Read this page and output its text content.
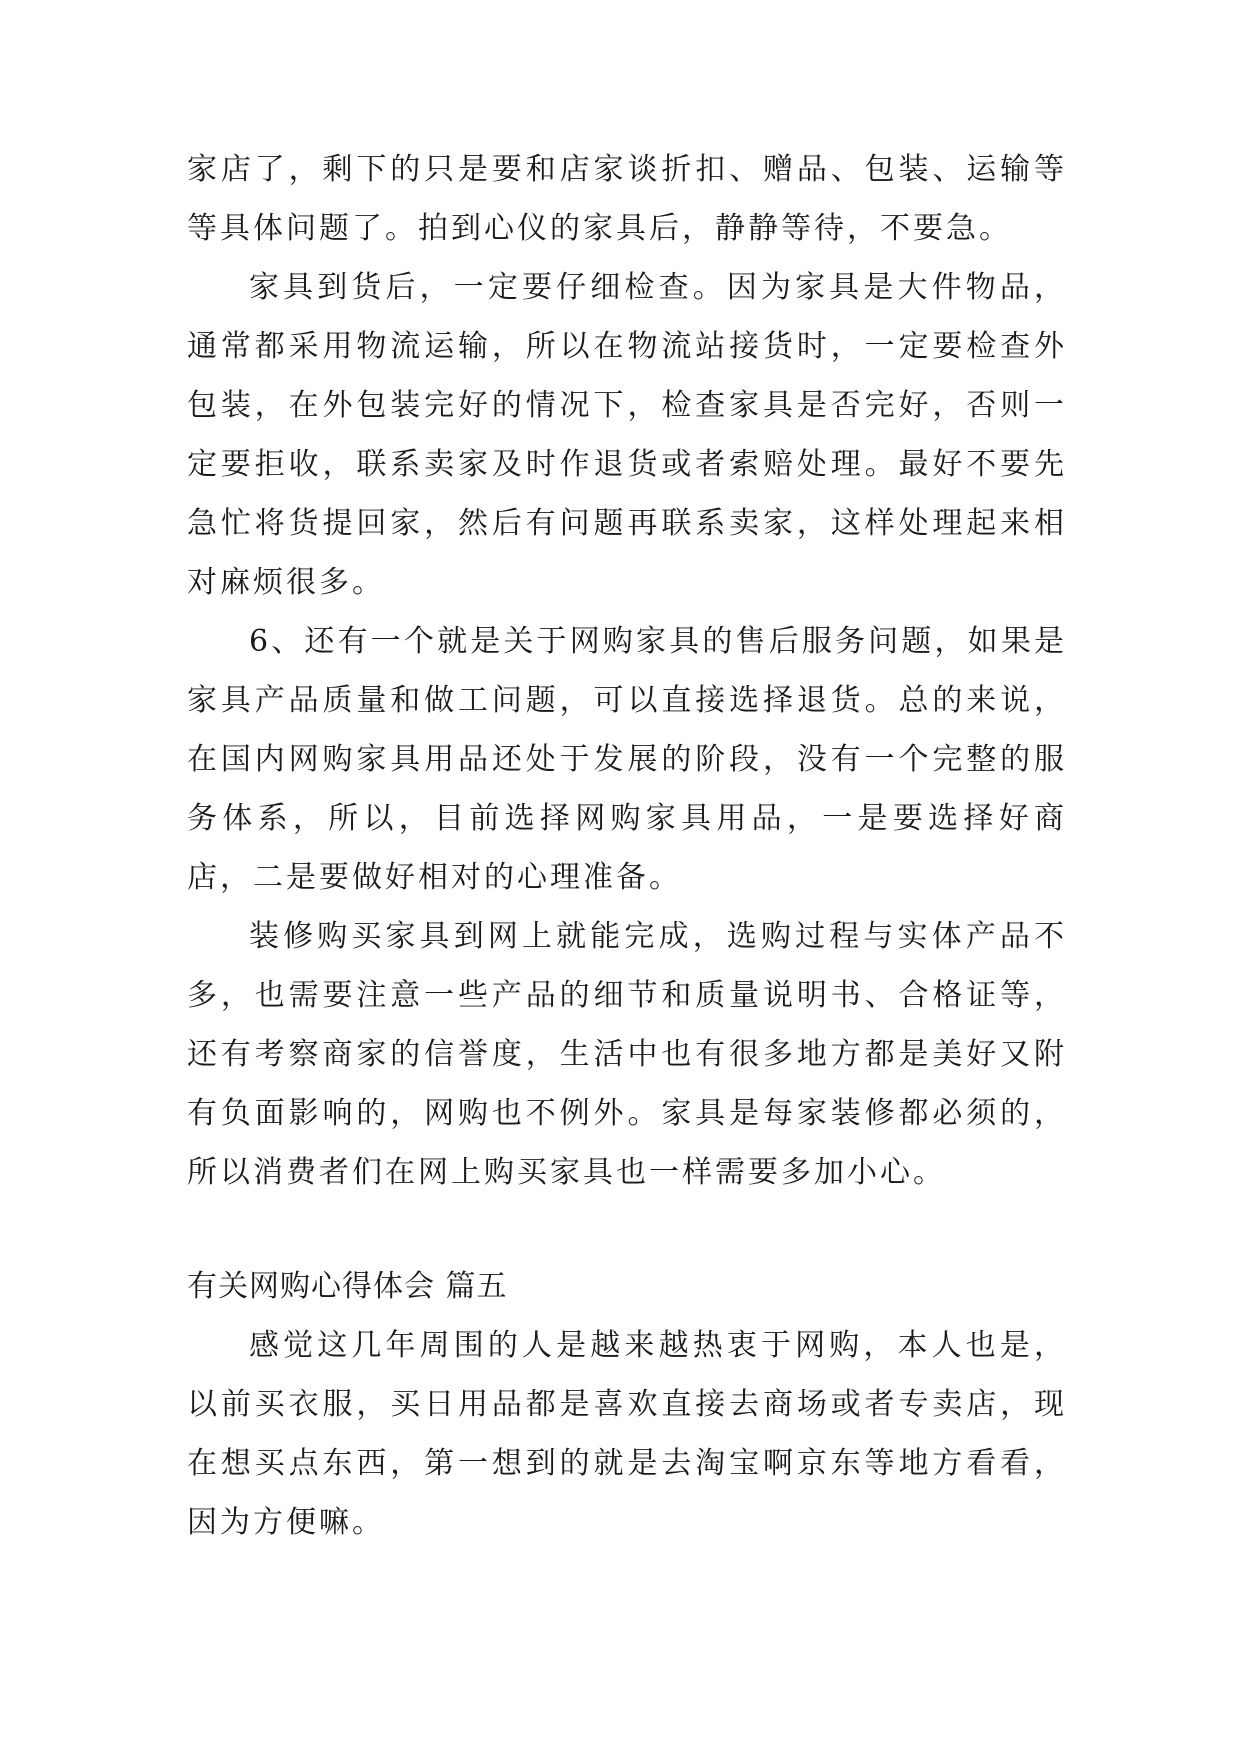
家店了，剩下的只是要和店家谈折扣、赠品、包装、运输等等具体问题了。拍到心仪的家具后，静静等待，不要急。

家具到货后，一定要仔细检查。因为家具是大件物品，通常都采用物流运输，所以在物流站接货时，一定要检查外包装，在外包装完好的情况下，检查家具是否完好，否则一定要拒收，联系卖家及时作退货或者索赔处理。最好不要先急忙将货提回家，然后有问题再联系卖家，这样处理起来相对麻烦很多。

6、还有一个就是关于网购家具的售后服务问题，如果是家具产品质量和做工问题，可以直接选择退货。总的来说，在国内网购家具用品还处于发展的阶段，没有一个完整的服务体系，所以，目前选择网购家具用品，一是要选择好商店，二是要做好相对的心理准备。

装修购买家具到网上就能完成，选购过程与实体产品不多，也需要注意一些产品的细节和质量说明书、合格证等，还有考察商家的信誉度，生活中也有很多地方都是美好又附有负面影响的，网购也不例外。家具是每家装修都必须的，所以消费者们在网上购买家具也一样需要多加小心。

有关网购心得体会 篇五

感觉这几年周围的人是越来越热衷于网购，本人也是，以前买衣服，买日用品都是喜欢直接去商场或者专卖店，现在想买点东西，第一想到的就是去淘宝啊京东等地方看看，因为方便嘛。
